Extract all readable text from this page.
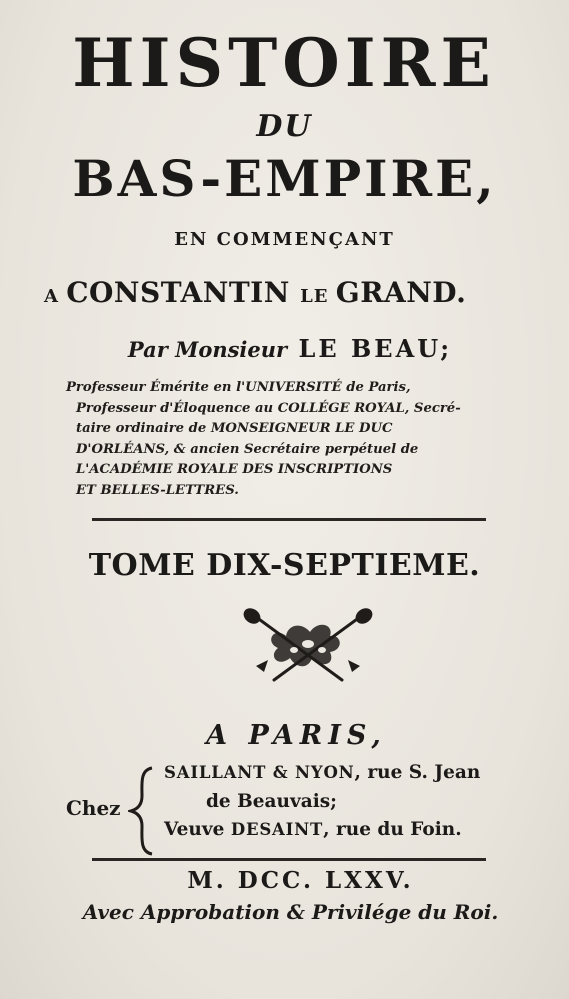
HISTOIRE
DU
BAS-EMPIRE,
EN COMMENÇANT
A CONSTANTIN LE GRAND.
Par Monsieur LE BEAU;
Professeur Émérite en l'UNIVERSITÉ de Paris,
Professeur d'Éloquence au COLLÉGE ROYAL, Secré-
taire ordinaire de MONSEIGNEUR LE DUC
D'ORLÉANS, & ancien Secrétaire perpétuel de
L'ACADÉMIE ROYALE DES INSCRIPTIONS
ET BELLES-LETTRES.
TOME DIX-SEPTIEME.
A PARIS,
Chez
SAILLANT & NYON, rue S. Jean
de Beauvais;
Veuve DESAINT, rue du Foin.
M. DCC. LXXV.
Avec Approbation & Privilége du Roi.
